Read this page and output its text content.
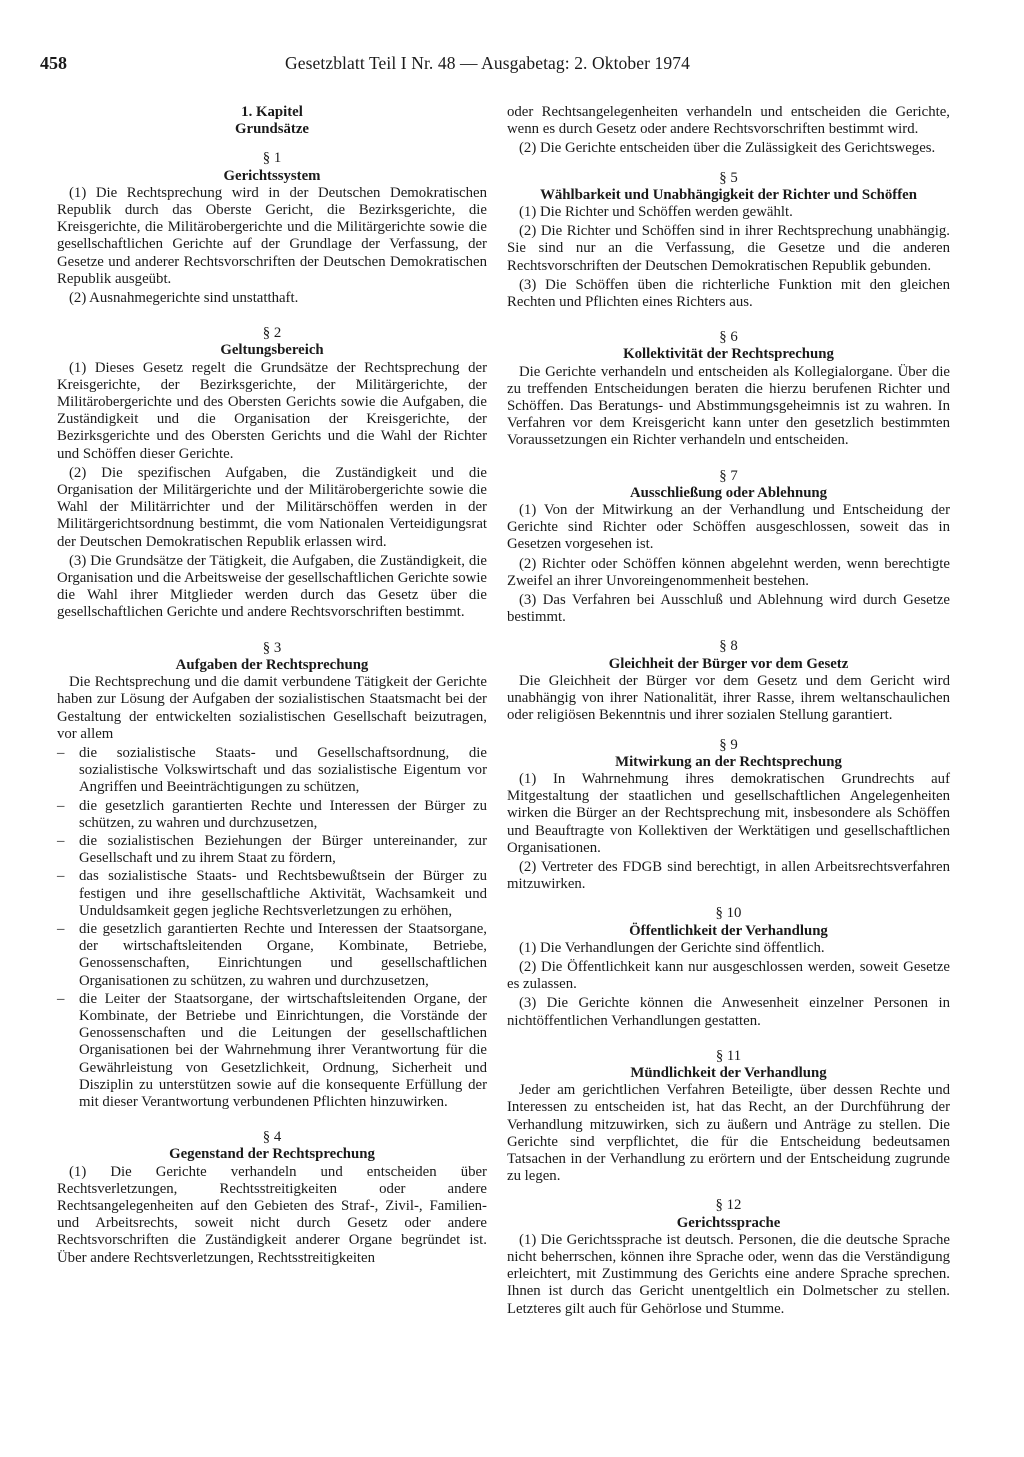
458	Gesetzblatt Teil I Nr. 48 — Ausgabetag: 2. Oktober 1974
1. Kapitel
Grundsätze
§ 1
Gerichtssystem

(1) Die Rechtsprechung wird in der Deutschen Demokratischen Republik durch das Oberste Gericht, die Bezirksgerichte, die Kreisgerichte, die Militärobergerichte und die Militärgerichte sowie die gesellschaftlichen Gerichte auf der Grundlage der Verfassung, der Gesetze und anderer Rechtsvorschriften der Deutschen Demokratischen Republik ausgeübt.

(2) Ausnahmegerichte sind unstatthaft.

§ 2
Geltungsbereich

(1) Dieses Gesetz regelt die Grundsätze der Rechtsprechung der Kreisgerichte, der Bezirksgerichte, der Militärgerichte, der Militärobergerichte und des Obersten Gerichts sowie die Aufgaben, die Zuständigkeit und die Organisation der Kreisgerichte, der Bezirksgerichte und des Obersten Gerichts und die Wahl der Richter und Schöffen dieser Gerichte.

(2) Die spezifischen Aufgaben, die Zuständigkeit und die Organisation der Militärgerichte und der Militärobergerichte sowie die Wahl der Militärrichter und der Militärschöffen werden in der Militärgerichtsordnung bestimmt, die vom Nationalen Verteidigungsrat der Deutschen Demokratischen Republik erlassen wird.

(3) Die Grundsätze der Tätigkeit, die Aufgaben, die Zuständigkeit, die Organisation und die Arbeitsweise der gesellschaftlichen Gerichte sowie die Wahl ihrer Mitglieder werden durch das Gesetz über die gesellschaftlichen Gerichte und andere Rechtsvorschriften bestimmt.

§ 3
Aufgaben der Rechtsprechung

Die Rechtsprechung und die damit verbundene Tätigkeit der Gerichte haben zur Lösung der Aufgaben der sozialistischen Staatsmacht bei der Gestaltung der entwickelten sozialistischen Gesellschaft beizutragen, vor allem

– die sozialistische Staats- und Gesellschaftsordnung, die sozialistische Volkswirtschaft und das sozialistische Eigentum vor Angriffen und Beeinträchtigungen zu schützen,
– die gesetzlich garantierten Rechte und Interessen der Bürger zu schützen, zu wahren und durchzusetzen,
– die sozialistischen Beziehungen der Bürger untereinander, zur Gesellschaft und zu ihrem Staat zu fördern,
– das sozialistische Staats- und Rechtsbewußtsein der Bürger zu festigen und ihre gesellschaftliche Aktivität, Wachsamkeit und Unduldsamkeit gegen jegliche Rechtsverletzungen zu erhöhen,
– die gesetzlich garantierten Rechte und Interessen der Staatsorgane, der wirtschaftsleitenden Organe, Kombinate, Betriebe, Genossenschaften, Einrichtungen und gesellschaftlichen Organisationen zu schützen, zu wahren und durchzusetzen,
– die Leiter der Staatsorgane, der wirtschaftsleitenden Organe, der Kombinate, der Betriebe und Einrichtungen, die Vorstände der Genossenschaften und die Leitungen der gesellschaftlichen Organisationen bei der Wahrnehmung ihrer Verantwortung für die Gewährleistung von Gesetzlichkeit, Ordnung, Sicherheit und Disziplin zu unterstützen sowie auf die konsequente Erfüllung der mit dieser Verantwortung verbundenen Pflichten hinzuwirken.
§ 4
Gegenstand der Rechtsprechung

(1) Die Gerichte verhandeln und entscheiden über Rechtsverletzungen, Rechtsstreitigkeiten oder andere Rechtsangelegenheiten auf den Gebieten des Straf-, Zivil-, Familien- und Arbeitsrechts, soweit nicht durch Gesetz oder andere Rechtsvorschriften die Zuständigkeit anderer Organe begründet ist. Über andere Rechtsverletzungen, Rechtsstreitigkeiten

oder Rechtsangelegenheiten verhandeln und entscheiden die Gerichte, wenn es durch Gesetz oder andere Rechtsvorschriften bestimmt wird.

(2) Die Gerichte entscheiden über die Zulässigkeit des Gerichtsweges.

§ 5
Wählbarkeit und Unabhängigkeit der Richter und Schöffen

(1) Die Richter und Schöffen werden gewählt.

(2) Die Richter und Schöffen sind in ihrer Rechtsprechung unabhängig. Sie sind nur an die Verfassung, die Gesetze und die anderen Rechtsvorschriften der Deutschen Demokratischen Republik gebunden.

(3) Die Schöffen üben die richterliche Funktion mit den gleichen Rechten und Pflichten eines Richters aus.

§ 6
Kollektivität der Rechtsprechung

Die Gerichte verhandeln und entscheiden als Kollegialorgane. Über die zu treffenden Entscheidungen beraten die hierzu berufenen Richter und Schöffen. Das Beratungs- und Abstimmungsgeheimnis ist zu wahren. In Verfahren vor dem Kreisgericht kann unter den gesetzlich bestimmten Voraussetzungen ein Richter verhandeln und entscheiden.

§ 7
Ausschließung oder Ablehnung

(1) Von der Mitwirkung an der Verhandlung und Entscheidung der Gerichte sind Richter oder Schöffen ausgeschlossen, soweit das in Gesetzen vorgesehen ist.

(2) Richter oder Schöffen können abgelehnt werden, wenn berechtigte Zweifel an ihrer Unvoreingenommenheit bestehen.

(3) Das Verfahren bei Ausschluß und Ablehnung wird durch Gesetze bestimmt.

§ 8
Gleichheit der Bürger vor dem Gesetz

Die Gleichheit der Bürger vor dem Gesetz und dem Gericht wird unabhängig von ihrer Nationalität, ihrer Rasse, ihrem weltanschaulichen oder religiösen Bekenntnis und ihrer sozialen Stellung garantiert.

§ 9
Mitwirkung an der Rechtsprechung

(1) In Wahrnehmung ihres demokratischen Grundrechts auf Mitgestaltung der staatlichen und gesellschaftlichen Angelegenheiten wirken die Bürger an der Rechtsprechung mit, insbesondere als Schöffen und Beauftragte von Kollektiven der Werktätigen und gesellschaftlichen Organisationen.

(2) Vertreter des FDGB sind berechtigt, in allen Arbeitsrechtsverfahren mitzuwirken.

§ 10
Öffentlichkeit der Verhandlung

(1) Die Verhandlungen der Gerichte sind öffentlich.

(2) Die Öffentlichkeit kann nur ausgeschlossen werden, soweit Gesetze es zulassen.

(3) Die Gerichte können die Anwesenheit einzelner Personen in nichtöffentlichen Verhandlungen gestatten.

§ 11
Mündlichkeit der Verhandlung

Jeder am gerichtlichen Verfahren Beteiligte, über dessen Rechte und Interessen zu entscheiden ist, hat das Recht, an der Durchführung der Verhandlung mitzuwirken, sich zu äußern und Anträge zu stellen. Die Gerichte sind verpflichtet, die für die Entscheidung bedeutsamen Tatsachen in der Verhandlung zu erörtern und der Entscheidung zugrunde zu legen.

§ 12
Gerichtssprache

(1) Die Gerichtssprache ist deutsch. Personen, die die deutsche Sprache nicht beherrschen, können ihre Sprache oder, wenn das die Verständigung erleichtert, mit Zustimmung des Gerichts eine andere Sprache sprechen. Ihnen ist durch das Gericht unentgeltlich ein Dolmetscher zu stellen. Letzteres gilt auch für Gehörlose und Stumme.
